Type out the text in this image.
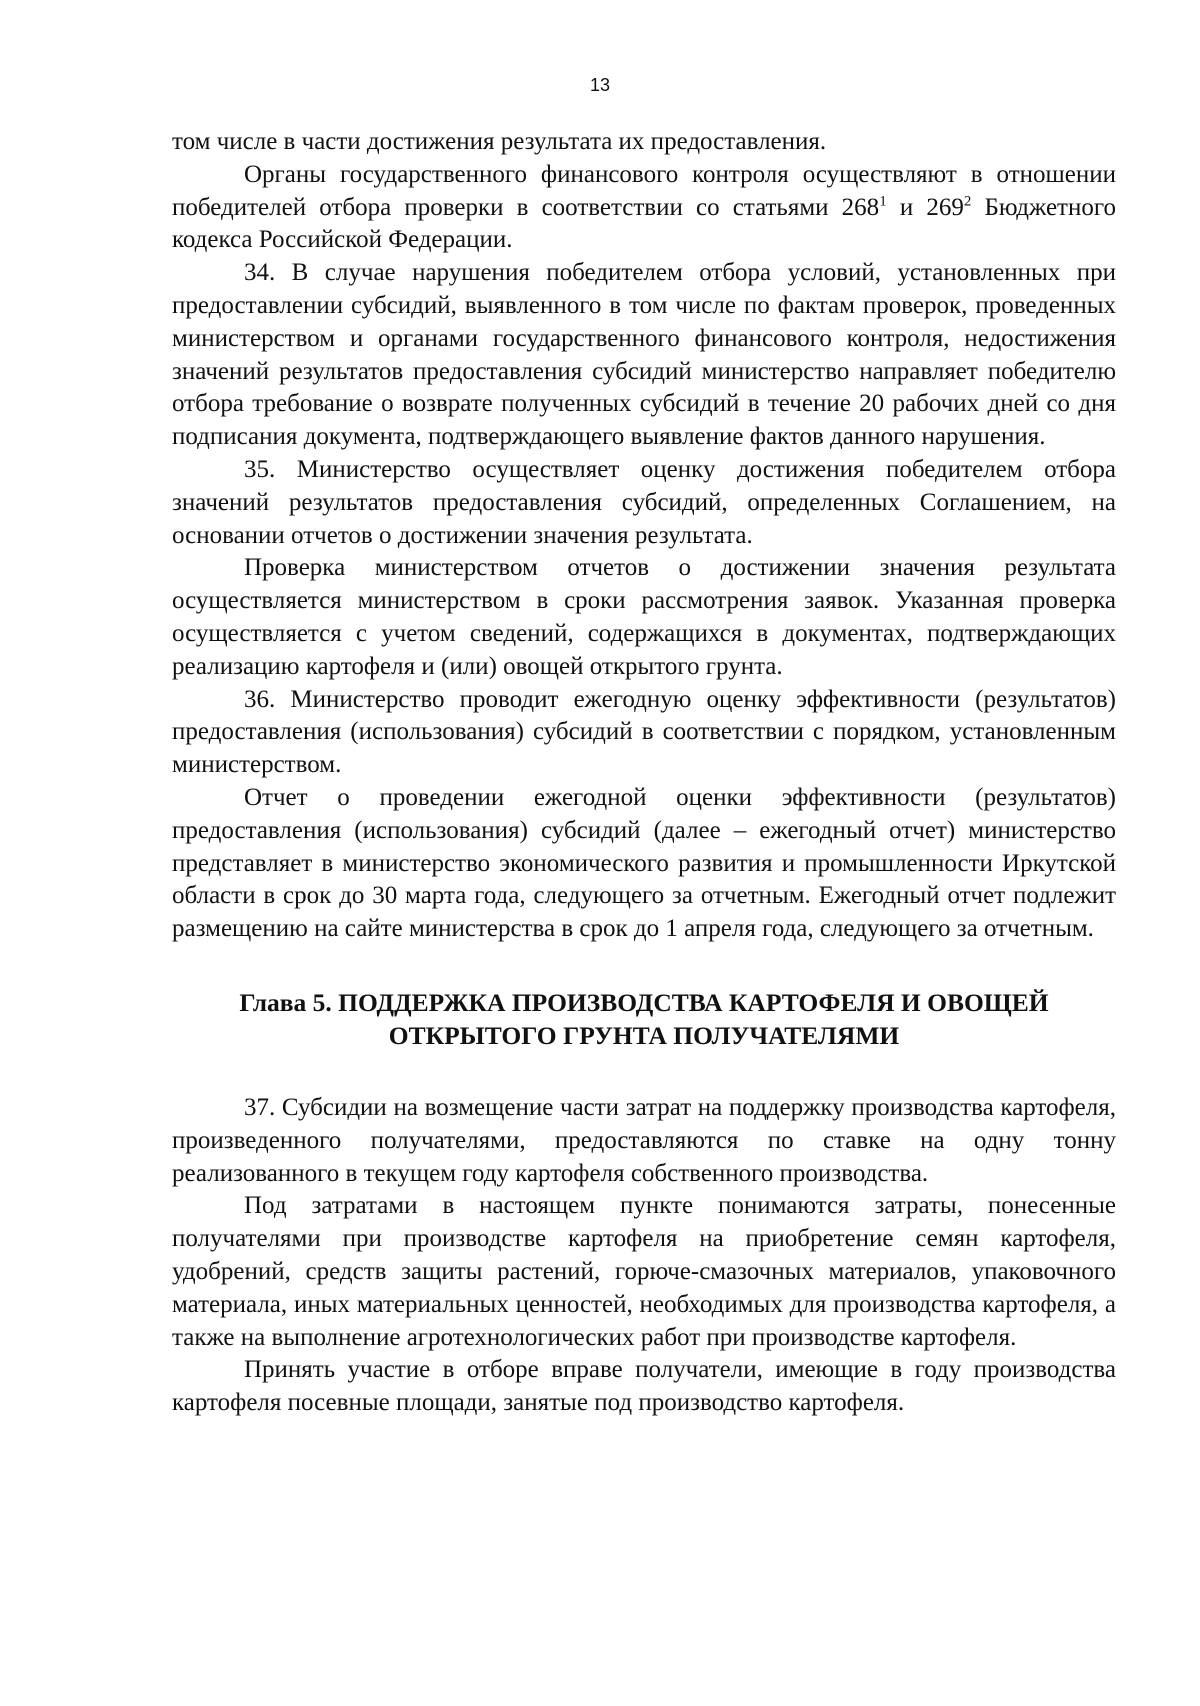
13

том числе в части достижения результата их предоставления.

Органы государственного финансового контроля осуществляют в отношении победителей отбора проверки в соответствии со статьями $268^1$ и $269^2$ Бюджетного кодекса Российской Федерации.

34. В случае нарушения победителем отбора условий, установленных при предоставлении субсидий, выявленного в том числе по фактам проверок, проведенных министерством и органами государственного финансового контроля, недостижения значений результатов предоставления субсидий министерство направляет победителю отбора требование о возврате полученных субсидий в течение 20 рабочих дней со дня подписания документа, подтверждающего выявление фактов данного нарушения.

35. Министерство осуществляет оценку достижения победителем отбора значений результатов предоставления субсидий, определенных Соглашением, на основании отчетов о достижении значения результата.

Проверка министерством отчетов о достижении значения результата осуществляется министерством в сроки рассмотрения заявок. Указанная проверка осуществляется с учетом сведений, содержащихся в документах, подтверждающих реализацию картофеля и (или) овощей открытого грунта.

36. Министерство проводит ежегодную оценку эффективности (результатов) предоставления (использования) субсидий в соответствии с порядком, установленным министерством.

Отчет о проведении ежегодной оценки эффективности (результатов) предоставления (использования) субсидий (далее – ежегодный отчет) министерство представляет в министерство экономического развития и промышленности Иркутской области в срок до 30 марта года, следующего за отчетным. Ежегодный отчет подлежит размещению на сайте министерства в срок до 1 апреля года, следующего за отчетным.

Глава 5. ПОДДЕРЖКА ПРОИЗВОДСТВА КАРТОФЕЛЯ И ОВОЩЕЙ
ОТКРЫТОГО ГРУНТА ПОЛУЧАТЕЛЯМИ

37. Субсидии на возмещение части затрат на поддержку производства картофеля, произведенного получателями, предоставляются по ставке на одну тонну реализованного в текущем году картофеля собственного производства.

Под затратами в настоящем пункте понимаются затраты, понесенные получателями при производстве картофеля на приобретение семян картофеля, удобрений, средств защиты растений, горюче-смазочных материалов, упаковочного материала, иных материальных ценностей, необходимых для производства картофеля, а также на выполнение агротехнологических работ при производстве картофеля.

Принять участие в отборе вправе получатели, имеющие в году производства картофеля посевные площади, занятые под производство картофеля.
